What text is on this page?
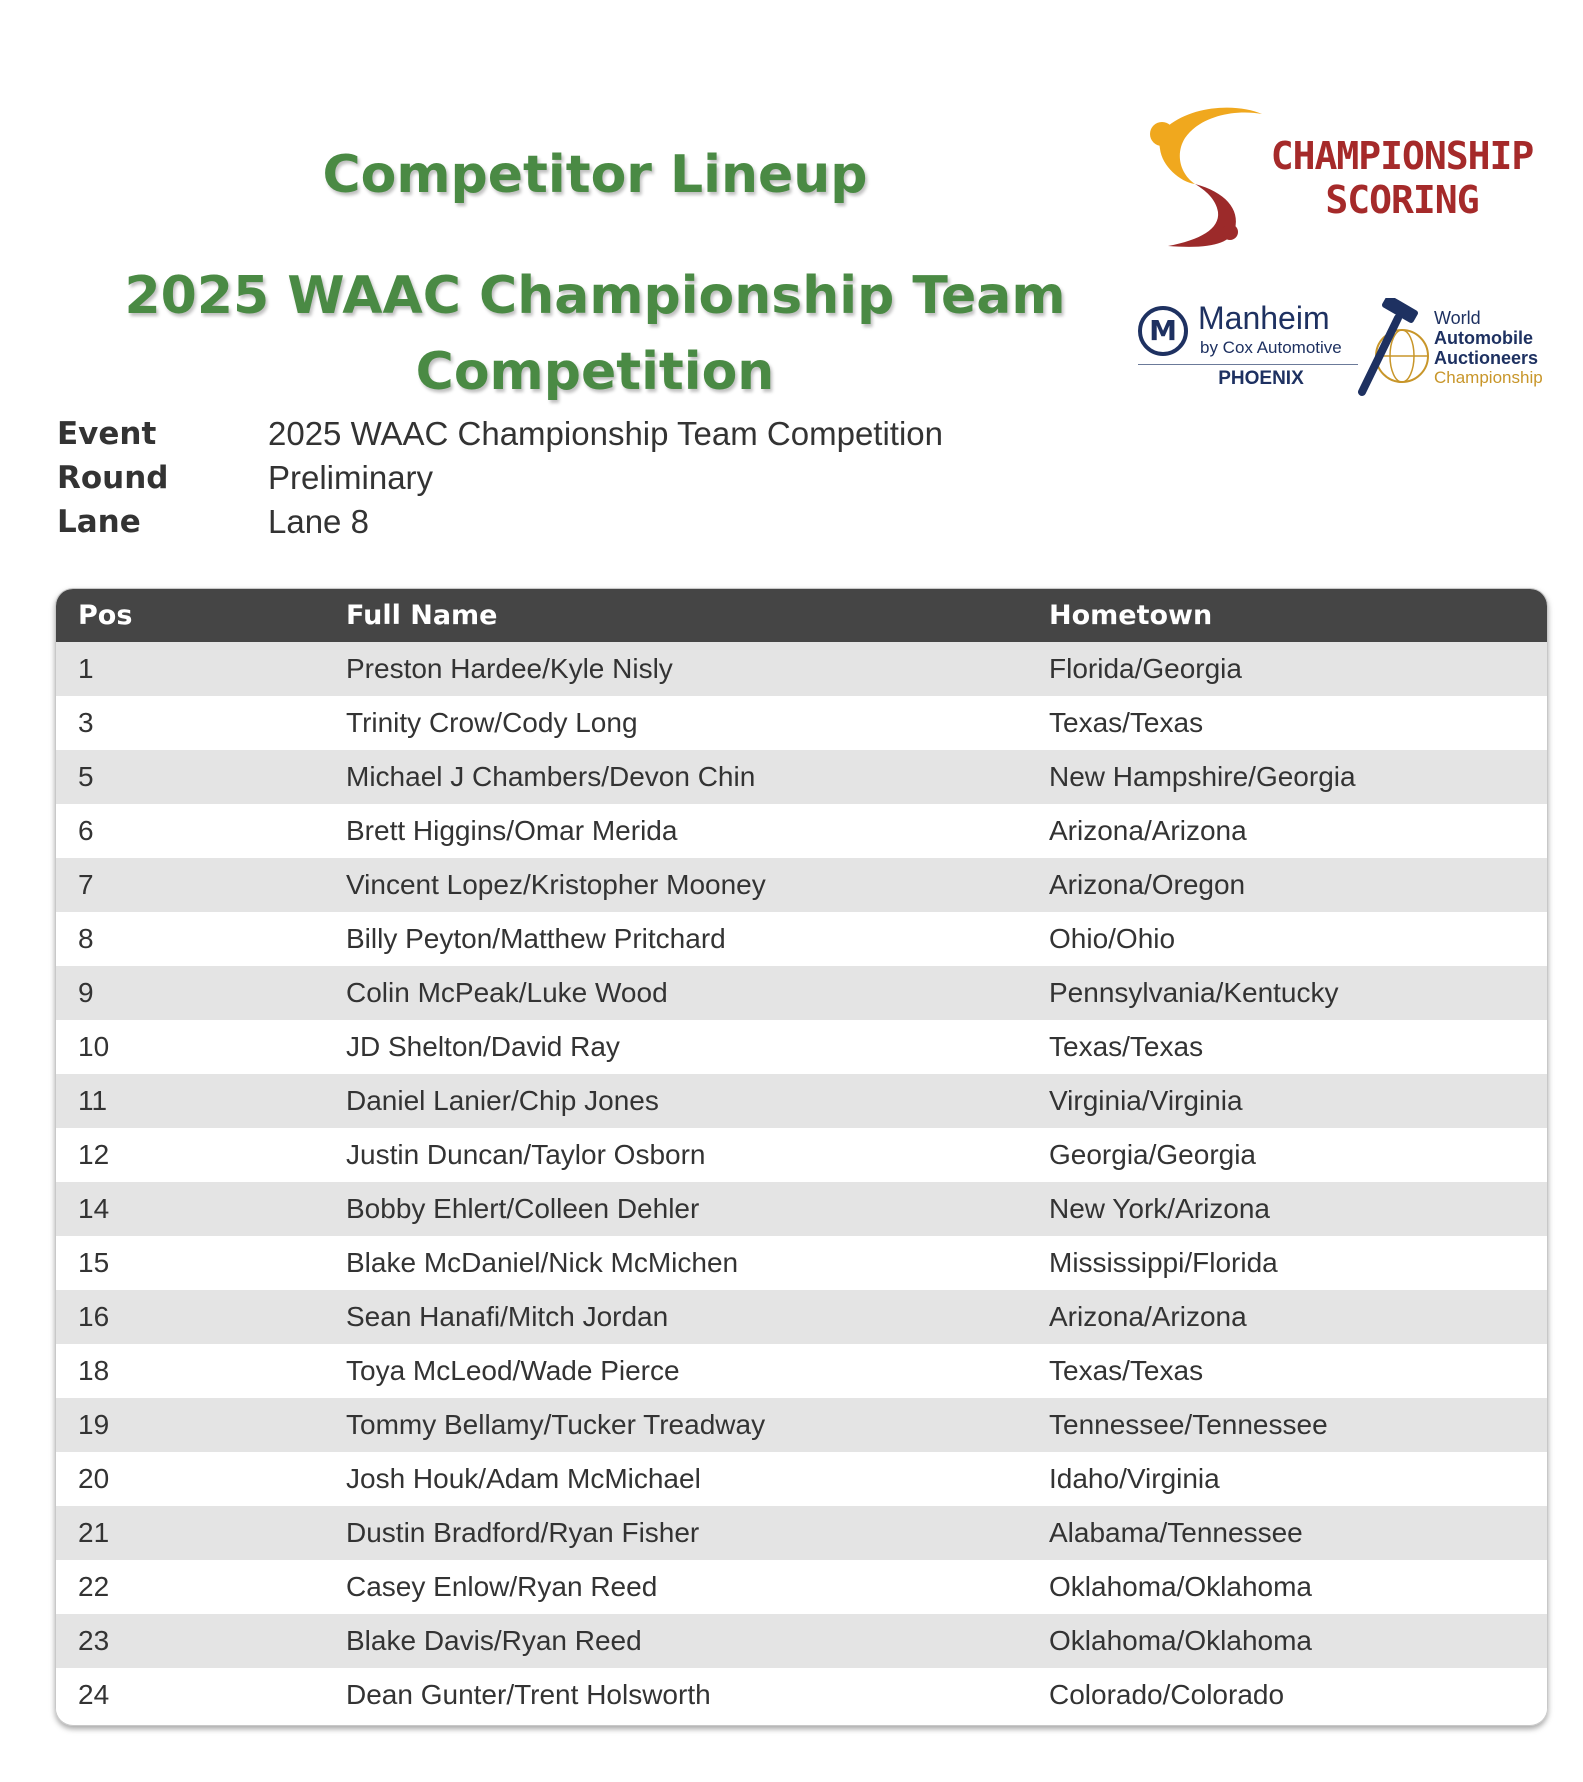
Competitor Lineup
2025 WAAC Championship Team Competition
CHAMPIONSHIP
SCORING
M Manheim
by Cox Automotive
PHOENIX
World
Automobile
Auctioneers
Championship
Event	2025 WAAC Championship Team Competition
Round	Preliminary
Lane	Lane 8
Pos	Full Name	Hometown
1	Preston Hardee/Kyle Nisly	Florida/Georgia
3	Trinity Crow/Cody Long	Texas/Texas
5	Michael J Chambers/Devon Chin	New Hampshire/Georgia
6	Brett Higgins/Omar Merida	Arizona/Arizona
7	Vincent Lopez/Kristopher Mooney	Arizona/Oregon
8	Billy Peyton/Matthew Pritchard	Ohio/Ohio
9	Colin McPeak/Luke Wood	Pennsylvania/Kentucky
10	JD Shelton/David Ray	Texas/Texas
11	Daniel Lanier/Chip Jones	Virginia/Virginia
12	Justin Duncan/Taylor Osborn	Georgia/Georgia
14	Bobby Ehlert/Colleen Dehler	New York/Arizona
15	Blake McDaniel/Nick McMichen	Mississippi/Florida
16	Sean Hanafi/Mitch Jordan	Arizona/Arizona
18	Toya McLeod/Wade Pierce	Texas/Texas
19	Tommy Bellamy/Tucker Treadway	Tennessee/Tennessee
20	Josh Houk/Adam McMichael	Idaho/Virginia
21	Dustin Bradford/Ryan Fisher	Alabama/Tennessee
22	Casey Enlow/Ryan Reed	Oklahoma/Oklahoma
23	Blake Davis/Ryan Reed	Oklahoma/Oklahoma
24	Dean Gunter/Trent Holsworth	Colorado/Colorado
